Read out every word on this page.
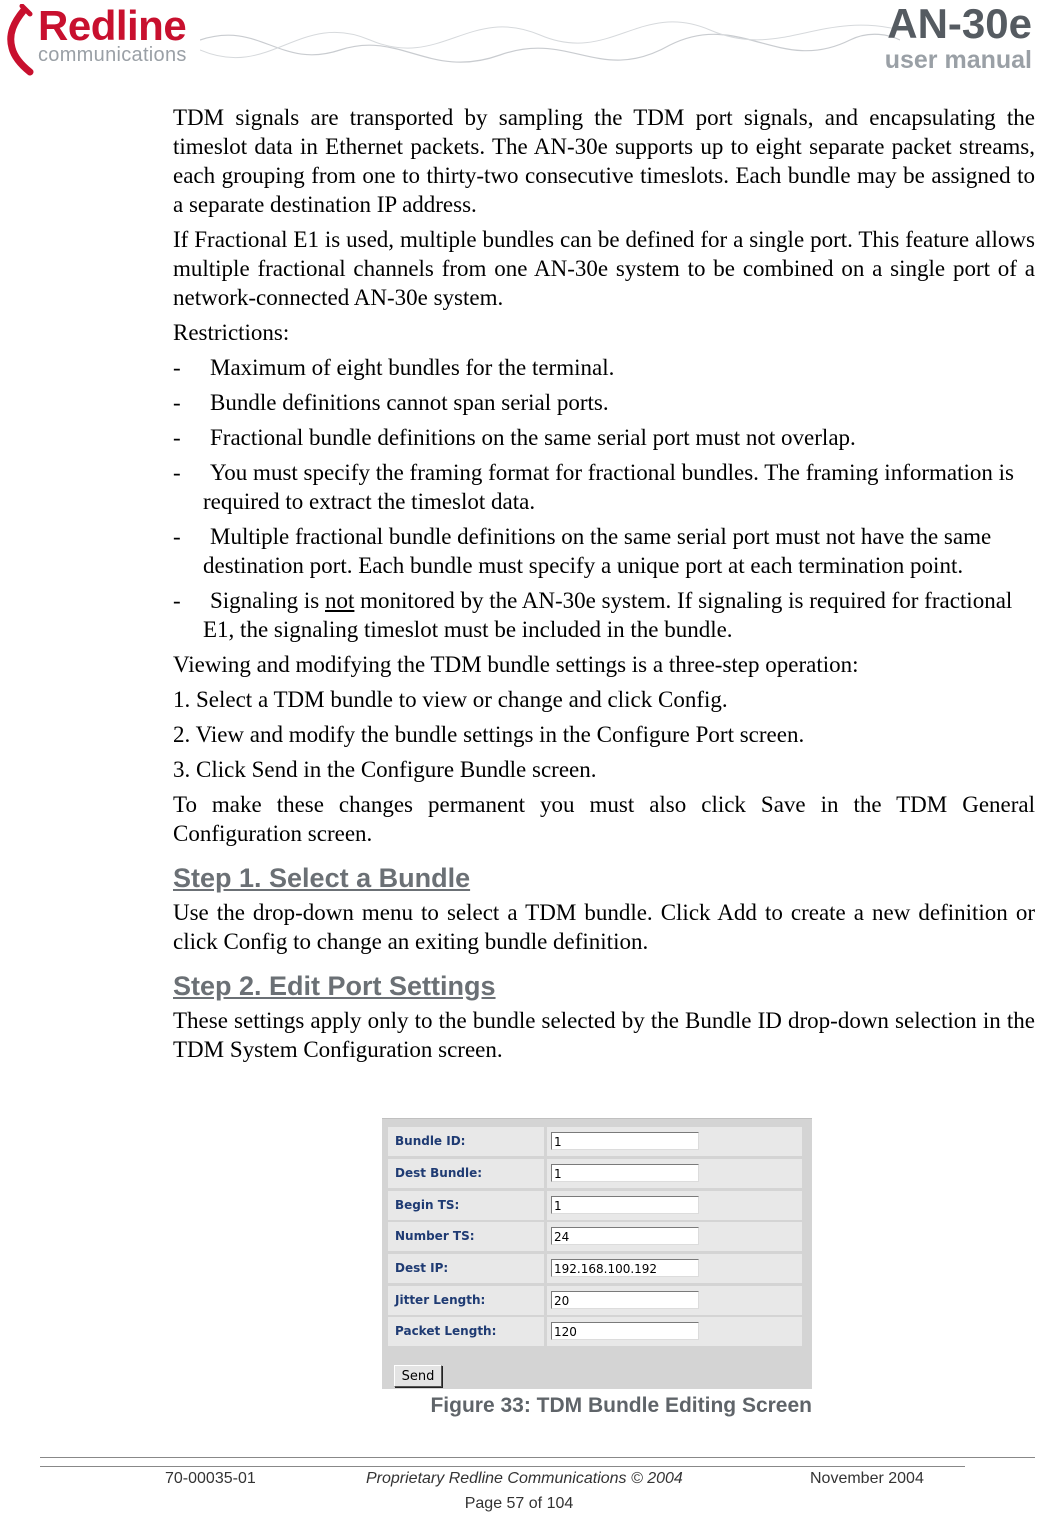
Redline
communications
AN-30e
user manual

TDM signals are transported by sampling the TDM port signals, and encapsulating the timeslot data in Ethernet packets. The AN-30e supports up to eight separate packet streams, each grouping from one to thirty-two consecutive timeslots. Each bundle may be assigned to a separate destination IP address.

If Fractional E1 is used, multiple bundles can be defined for a single port. This feature allows multiple fractional channels from one AN-30e system to be combined on a single port of a network-connected AN-30e system.

Restrictions:

- Maximum of eight bundles for the terminal.
- Bundle definitions cannot span serial ports.
- Fractional bundle definitions on the same serial port must not overlap.
- You must specify the framing format for fractional bundles. The framing information is required to extract the timeslot data.
- Multiple fractional bundle definitions on the same serial port must not have the same destination port. Each bundle must specify a unique port at each termination point.
- Signaling is not monitored by the AN-30e system. If signaling is required for fractional E1, the signaling timeslot must be included in the bundle.

Viewing and modifying the TDM bundle settings is a three-step operation:

1. Select a TDM bundle to view or change and click Config.

2. View and modify the bundle settings in the Configure Port screen.

3. Click Send in the Configure Bundle screen.

To make these changes permanent you must also click Save in the TDM General Configuration screen.

Step 1. Select a Bundle

Use the drop-down menu to select a TDM bundle. Click Add to create a new definition or click Config to change an exiting bundle definition.

Step 2. Edit Port Settings

These settings apply only to the bundle selected by the Bundle ID drop-down selection in the TDM System Configuration screen.

Bundle ID:	1
Dest Bundle:	1
Begin TS:	1
Number TS:	24
Dest IP:	192.168.100.192
Jitter Length:	20
Packet Length:	120
Send
Figure 33: TDM Bundle Editing Screen
70-00035-01	Proprietary Redline Communications © 2004	November 2004
Page 57 of 104
